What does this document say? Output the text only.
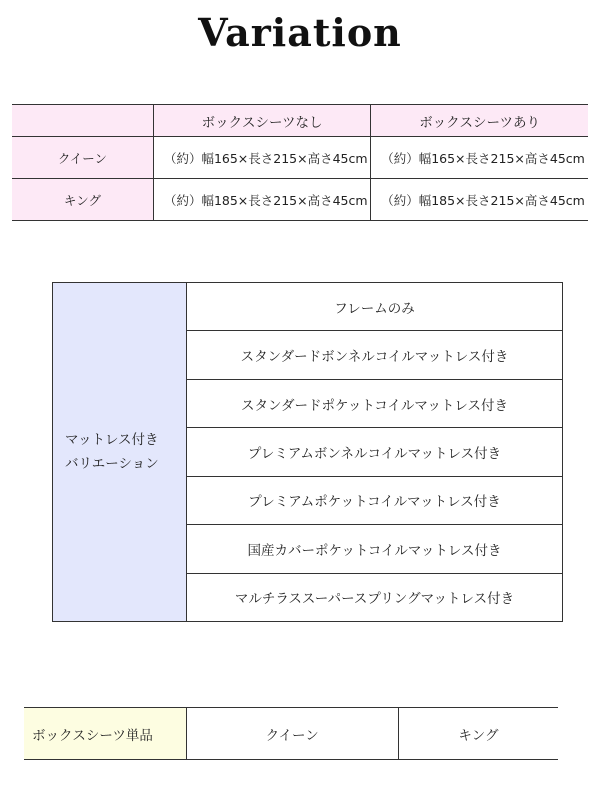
Variation
	ボックスシーツなし	ボックスシーツあり
クイーン	（約）幅165×長さ215×高さ45cm	（約）幅165×長さ215×高さ45cm
キング	（約）幅185×長さ215×高さ45cm	（約）幅185×長さ215×高さ45cm
マットレス付き
バリエーション
	フレームのみ
スタンダードボンネルコイルマットレス付き
スタンダードポケットコイルマットレス付き
プレミアムボンネルコイルマットレス付き
プレミアムポケットコイルマットレス付き
国産カバーポケットコイルマットレス付き
マルチラススーパースプリングマットレス付き
ボックスシーツ単品	クイーン	キング
